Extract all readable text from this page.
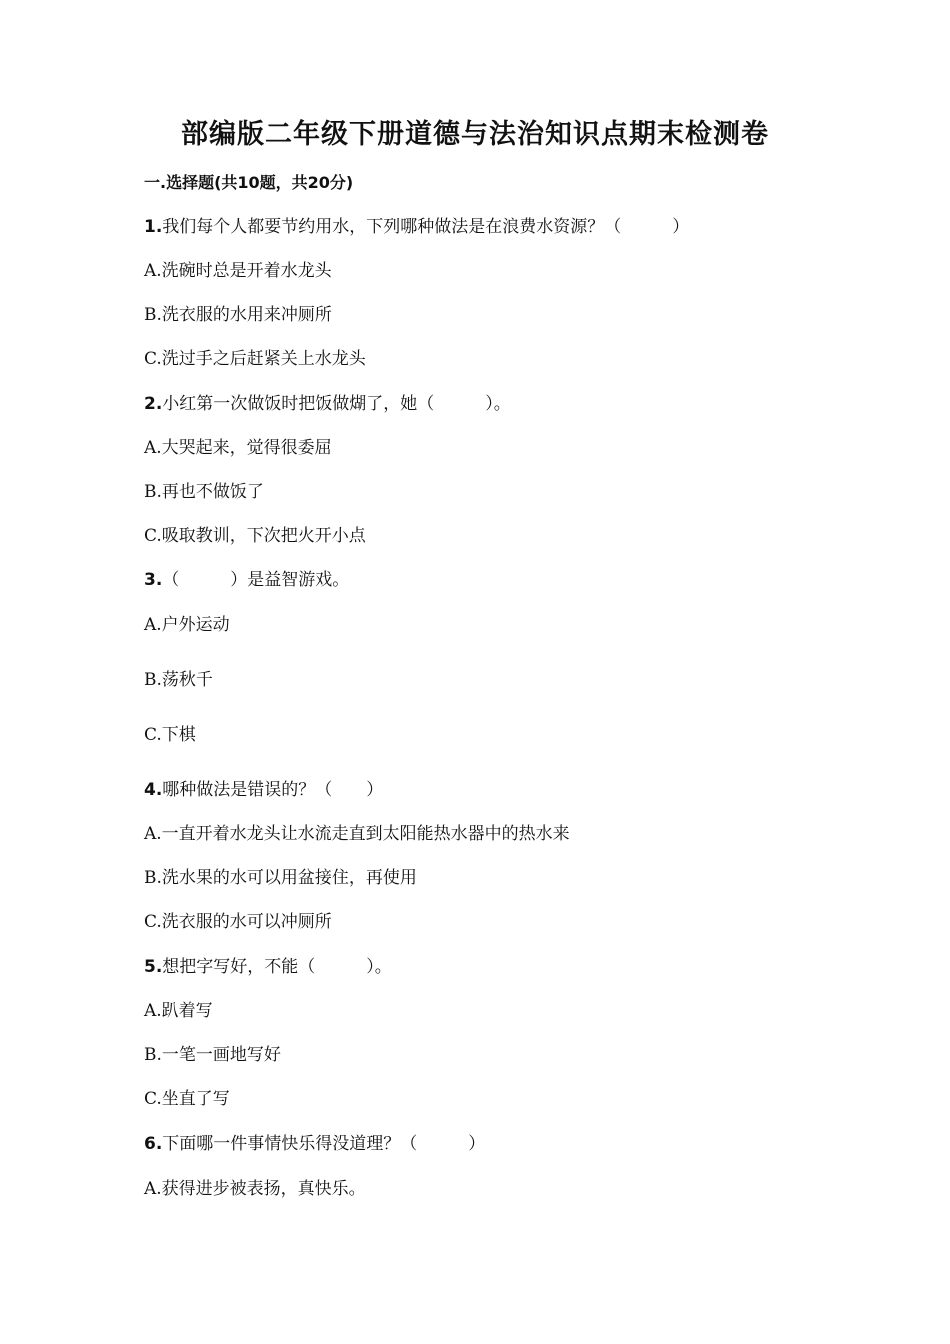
部编版二年级下册道德与法治知识点期末检测卷
一.选择题(共10题，共20分)
1.我们每个人都要节约用水，下列哪种做法是在浪费水资源？（　　　）
A.洗碗时总是开着水龙头
B.洗衣服的水用来冲厕所
C.洗过手之后赶紧关上水龙头
2.小红第一次做饭时把饭做煳了，她（　　　）。
A.大哭起来，觉得很委屈
B.再也不做饭了
C.吸取教训，下次把火开小点
3.（　　　）是益智游戏。
A.户外运动
B.荡秋千
C.下棋
4.哪种做法是错误的？（　　）
A.一直开着水龙头让水流走直到太阳能热水器中的热水来
B.洗水果的水可以用盆接住，再使用
C.洗衣服的水可以冲厕所
5.想把字写好，不能（　　　）。
A.趴着写
B.一笔一画地写好
C.坐直了写
6.下面哪一件事情快乐得没道理？（　　　）
A.获得进步被表扬，真快乐。
